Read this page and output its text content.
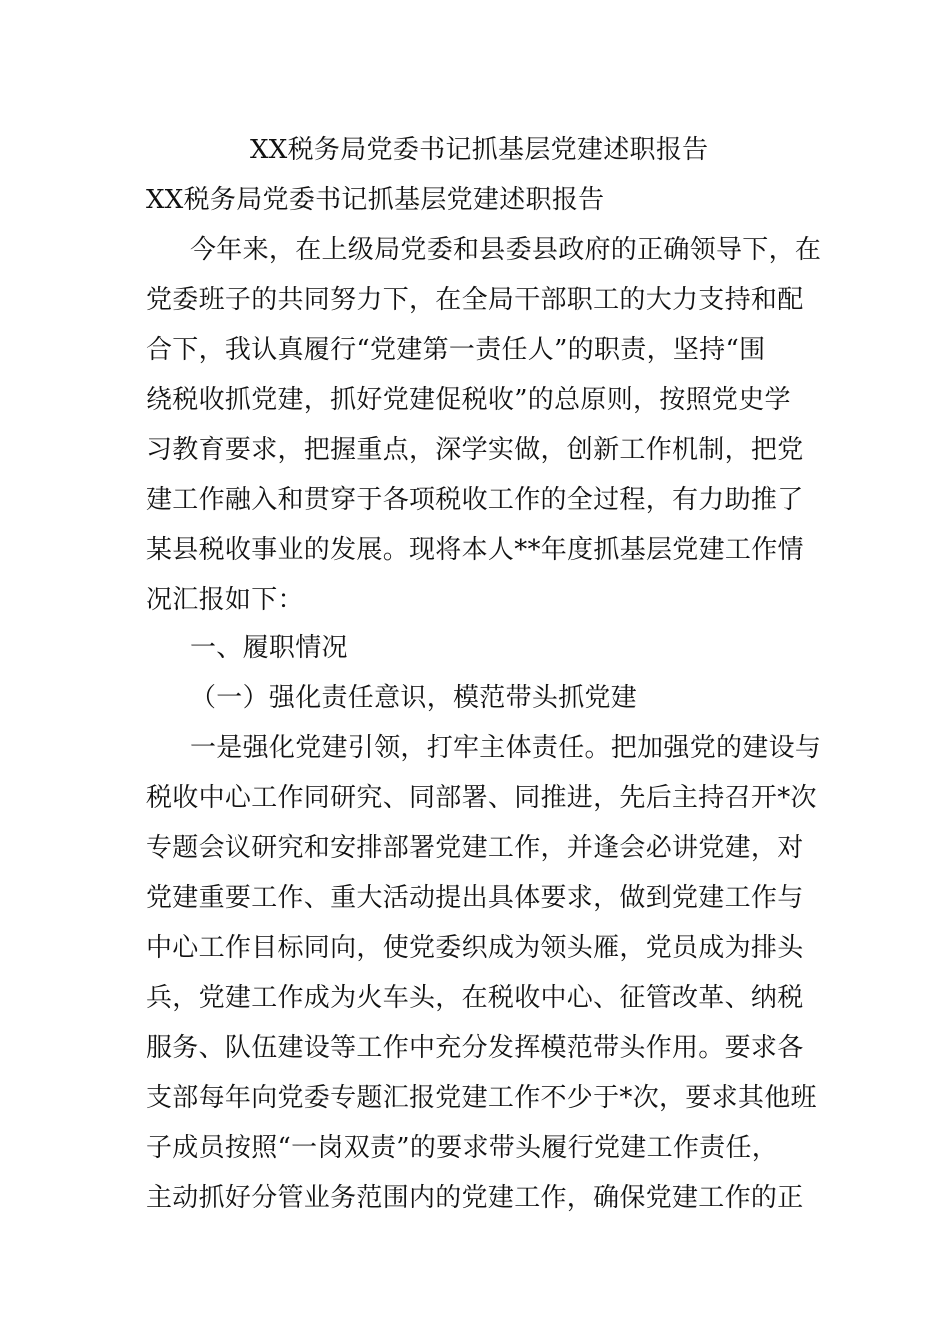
XX税务局党委书记抓基层党建述职报告
XX税务局党委书记抓基层党建述职报告
今年来，在上级局党委和县委县政府的正确领导下，在
党委班子的共同努力下，在全局干部职工的大力支持和配
合下，我认真履行“党建第一责任人”的职责，坚持“围
绕税收抓党建，抓好党建促税收”的总原则，按照党史学
习教育要求，把握重点，深学实做，创新工作机制，把党
建工作融入和贯穿于各项税收工作的全过程，有力助推了
某县税收事业的发展。现将本人**年度抓基层党建工作情
况汇报如下：
一、履职情况
（一）强化责任意识，模范带头抓党建
一是强化党建引领，打牢主体责任。把加强党的建设与
税收中心工作同研究、同部署、同推进，先后主持召开*次
专题会议研究和安排部署党建工作，并逢会必讲党建，对
党建重要工作、重大活动提出具体要求，做到党建工作与
中心工作目标同向，使党委织成为领头雁，党员成为排头
兵，党建工作成为火车头，在税收中心、征管改革、纳税
服务、队伍建设等工作中充分发挥模范带头作用。要求各
支部每年向党委专题汇报党建工作不少于*次，要求其他班
子成员按照“一岗双责”的要求带头履行党建工作责任，
主动抓好分管业务范围内的党建工作，确保党建工作的正
